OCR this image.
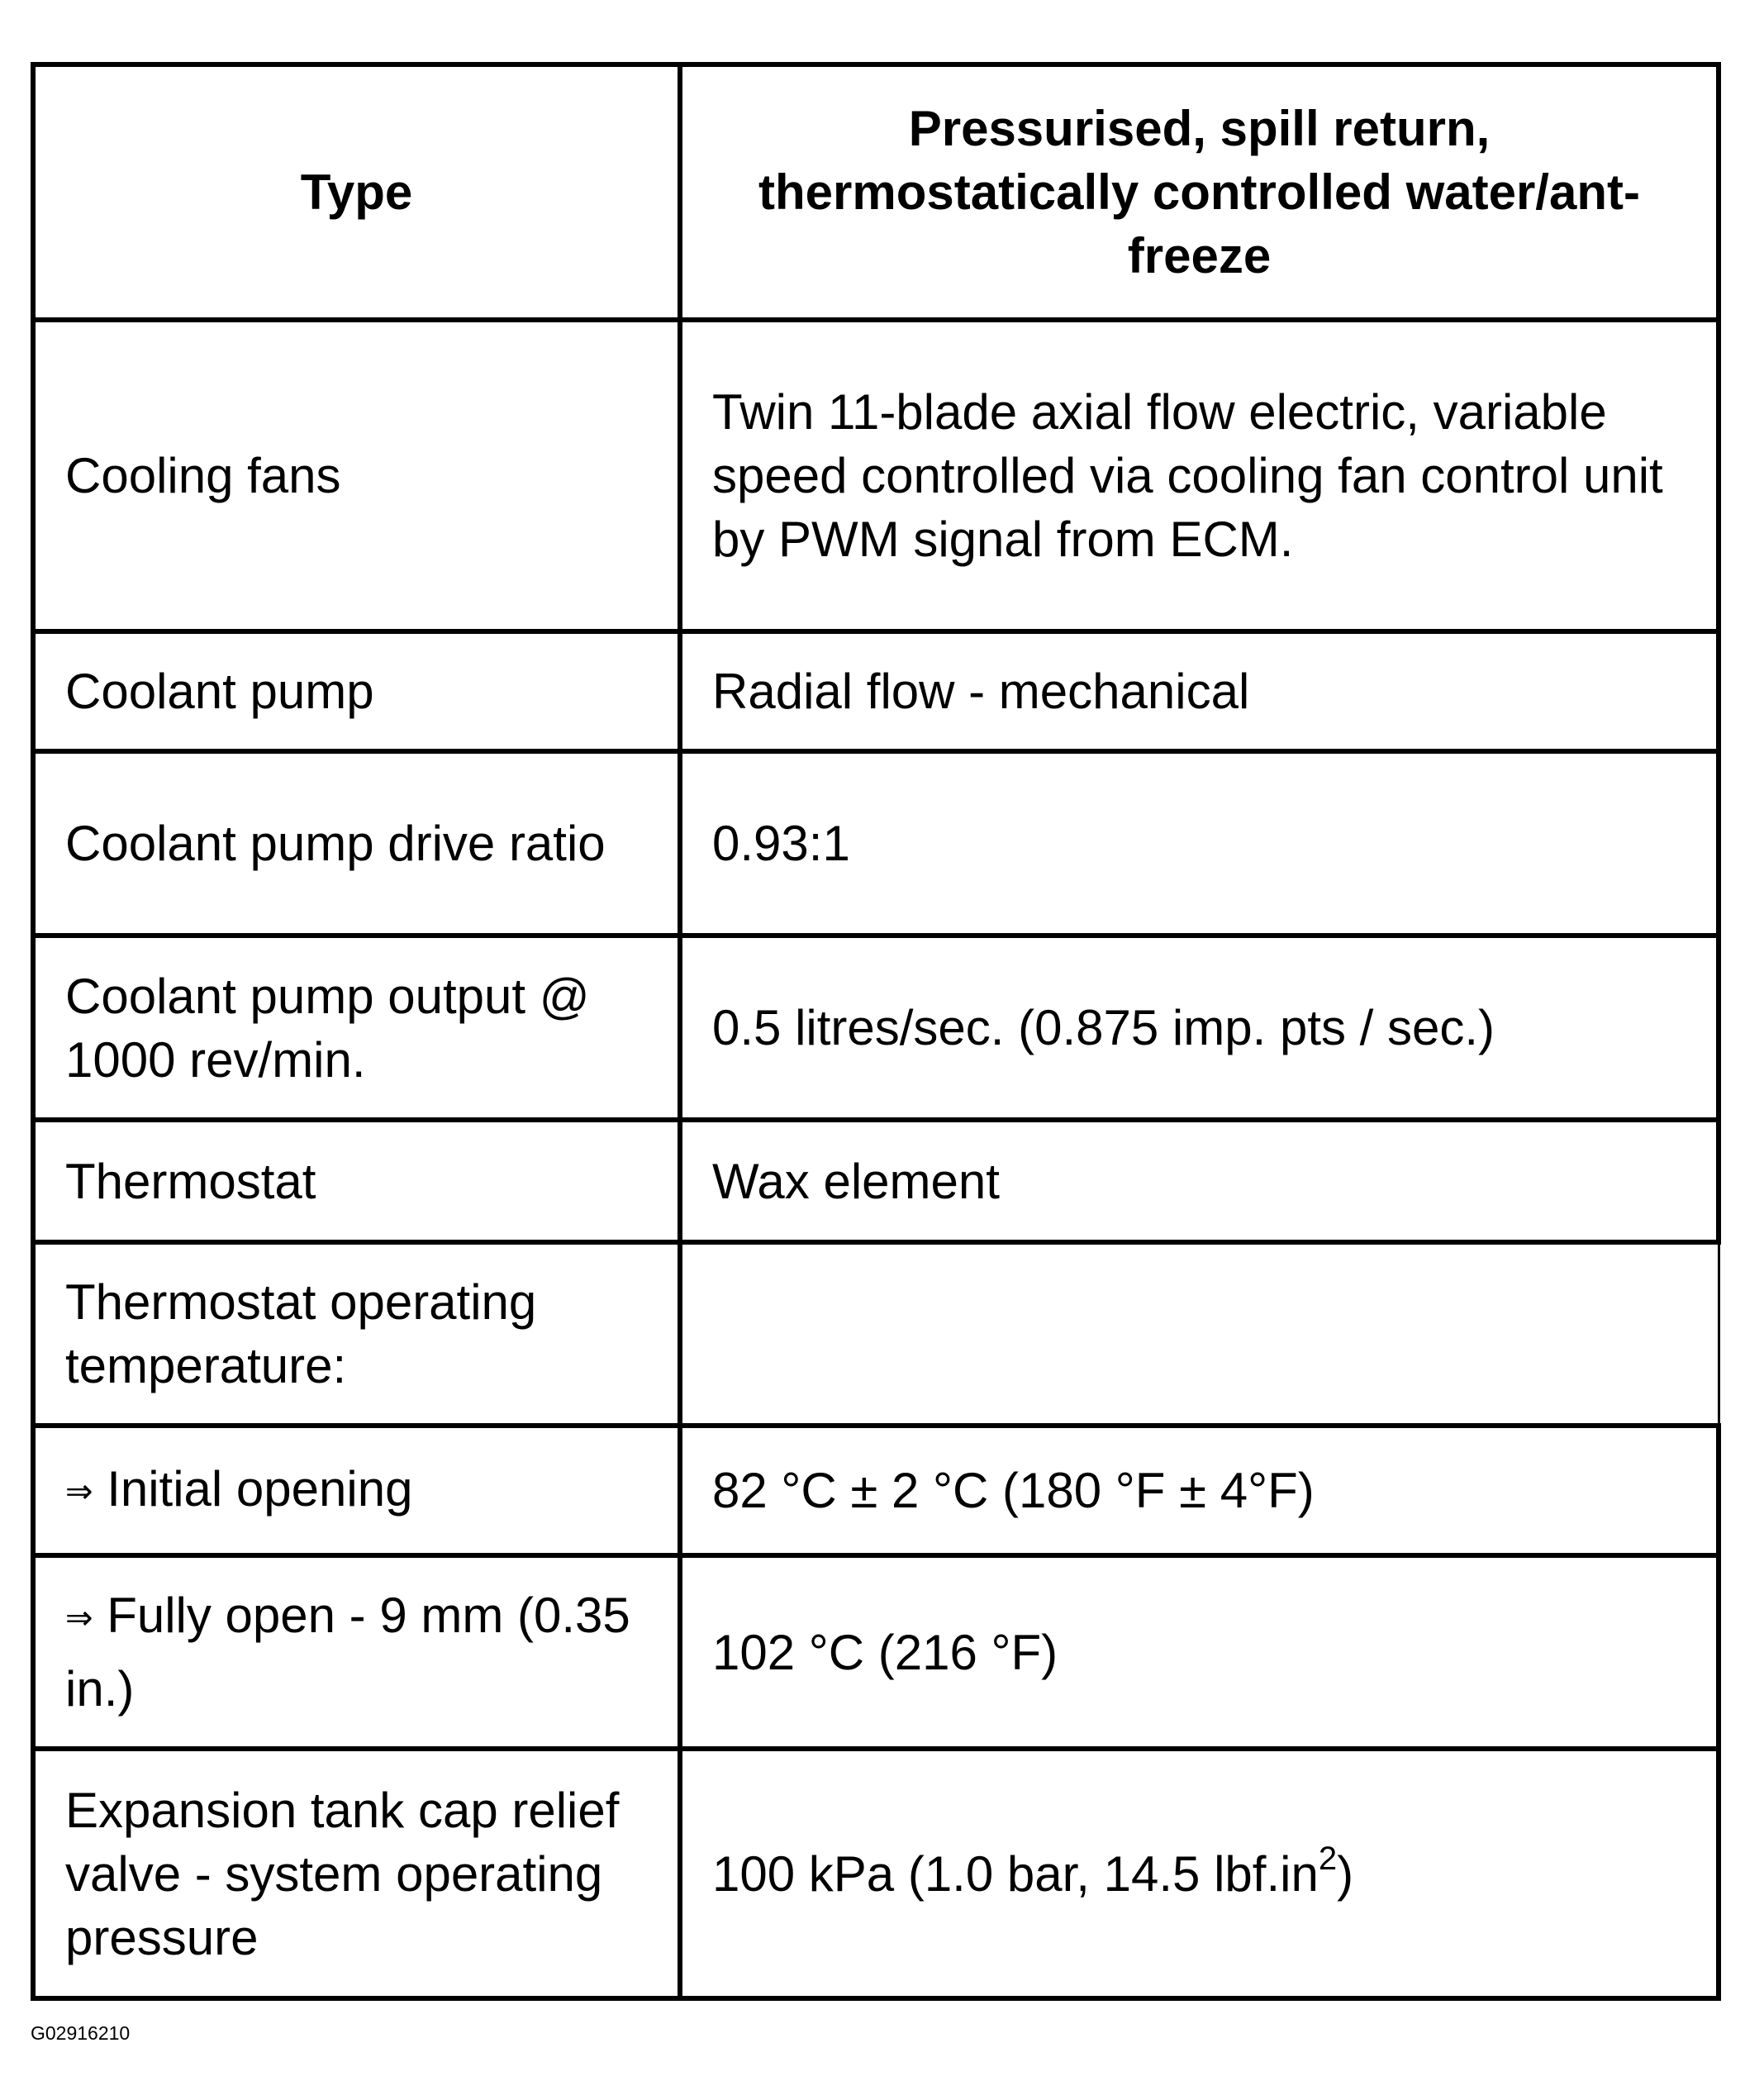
Type	Pressurised, spill return, thermostatically controlled water/ant-freeze
Cooling fans	Twin 11-blade axial flow electric, variable speed controlled via cooling fan control unit by PWM signal from ECM.
Coolant pump	Radial flow - mechanical
Coolant pump drive ratio	0.93:1
Coolant pump output @ 1000 rev/min.	0.5 litres/sec. (0.875 imp. pts / sec.)
Thermostat	Wax element
Thermostat operating temperature:	
⇒ Initial opening	82 °C ± 2 °C (180 °F ± 4°F)
⇒ Fully open - 9 mm (0.35 in.)	102 °C (216 °F)
Expansion tank cap relief valve - system operating pressure	100 kPa (1.0 bar, 14.5 $lbf.in^2$)
G02916210
